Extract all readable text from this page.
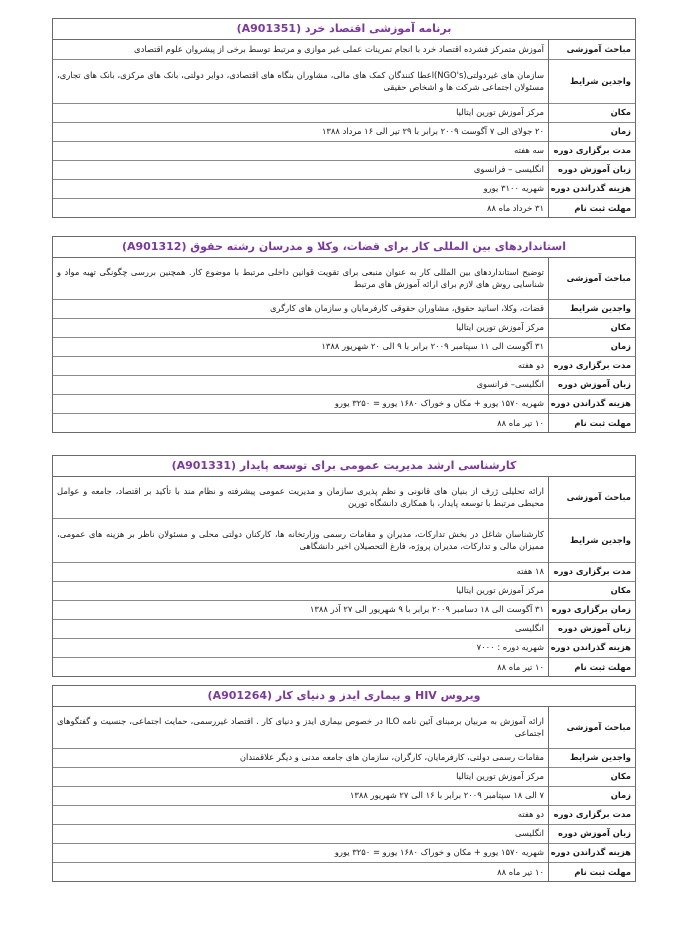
برنامه آموزشی اقتصاد خرد (A901351)
مباحث آموزشی	آموزش متمرکز فشرده اقتصاد خرد با انجام تمرینات عملی غیر موازی و مرتبط توسط برخی از پیشروان علوم اقتصادی
واجدین شرایط	سازمان های غیردولتی(NGO's)اعطا کنندگان کمک های مالی، مشاوران بنگاه های اقتصادی، دوایر دولتی، بانک های مرکزی، بانک های تجاری، مسئولان اجتماعی شرکت ها و اشخاص حقیقی
مکان	مرکز آموزش تورین ایتالیا
زمان	۲۰ جولای الی ۷ آگوست ۲۰۰۹ برابر با ۲۹ تیر الی ۱۶ مرداد ۱۳۸۸
مدت برگزاری دوره	سه هفته
زبان آموزش دوره	انگلیسی – فرانسوی
هزینه گذراندن دوره	شهریه ۳۱۰۰ یورو
مهلت ثبت نام	۳۱ خرداد ماه ۸۸
استانداردهای بین المللی کار برای قضات، وکلا و مدرسان رشته حقوق (A901312)
مباحث آموزشی	توضیح استانداردهای بین المللی کار به عنوان منبعی برای تقویت قوانین داخلی مرتبط با موضوع کار. همچنین بررسی چگونگی تهیه مواد و شناسایی روش های لازم برای ارائه آموزش های مرتبط
واجدین شرایط	قضات، وکلا، اساتید حقوق، مشاوران حقوقی کارفرمایان و سازمان های کارگری
مکان	مرکز آموزش تورین ایتالیا
زمان	۳۱ آگوست الی ۱۱ سپتامبر ۲۰۰۹ برابر با ۹ الی ۲۰ شهریور ۱۳۸۸
مدت برگزاری دوره	دو هفته
زبان آموزش دوره	انگلیسی– فرانسوی
هزینه گذراندن دوره	شهریه ۱۵۷۰ یورو + مکان و خوراک ۱۶۸۰ یورو = ۳۲۵۰ یورو
مهلت ثبت نام	۱۰ تیر ماه ۸۸
کارشناسی ارشد مدیریت عمومی برای توسعه پایدار (A901331)
مباحث آموزشی	ارائه تحلیلی ژرف از بنیان های قانونی و نظم پذیری سازمان و مدیریت عمومی پیشرفته و نظام مند با تأکید بر اقتصاد، جامعه و عوامل محیطی مرتبط با توسعه پایدار، با همکاری دانشگاه تورین
واجدین شرایط	کارشناسان شاغل در بخش تدارکات، مدیران و مقامات رسمی وزارتخانه ها، کارکنان دولتی محلی و مسئولان ناظر بر هزینه های عمومی، ممیزان مالی و تدارکات، مدیران پروژه، فارغ التحصیلان اخیر دانشگاهی
مدت برگزاری دوره	۱۸ هفته
مکان	مرکز آموزش تورین ایتالیا
زمان برگزاری دوره	۳۱ آگوست الی ۱۸ دسامبر ۲۰۰۹ برابر با ۹ شهریور الی ۲۷ آذر ۱۳۸۸
زبان آموزش دوره	انگلیسی
هزینه گذراندن دوره	شهریه دوره : ۷۰۰۰
مهلت ثبت نام	۱۰ تیر ماه ۸۸
ویروس HIV و بیماری ایدز و دنیای کار (A901264)
مباحث آموزشی	ارائه آموزش به مربیان برمبنای آئین نامه ILO در خصوص بیماری ایدز و دنیای کار . اقتصاد غیررسمی، حمایت اجتماعی، جنسیت و گفتگوهای اجتماعی
واجدین شرایط	مقامات رسمی دولتی، کارفرمایان، کارگران، سازمان های جامعه مدنی و دیگر علاقمندان
مکان	مرکز آموزش تورین ایتالیا
زمان	۷ الی ۱۸ سپتامبر ۲۰۰۹ برابر با ۱۶ الی ۲۷ شهریور ۱۳۸۸
مدت برگزاری دوره	دو هفته
زبان آموزش دوره	انگلیسی
هزینه گذراندن دوره	شهریه ۱۵۷۰ یورو + مکان و خوراک ۱۶۸۰ یورو = ۳۲۵۰ یورو
مهلت ثبت نام	۱۰ تیر ماه ۸۸
